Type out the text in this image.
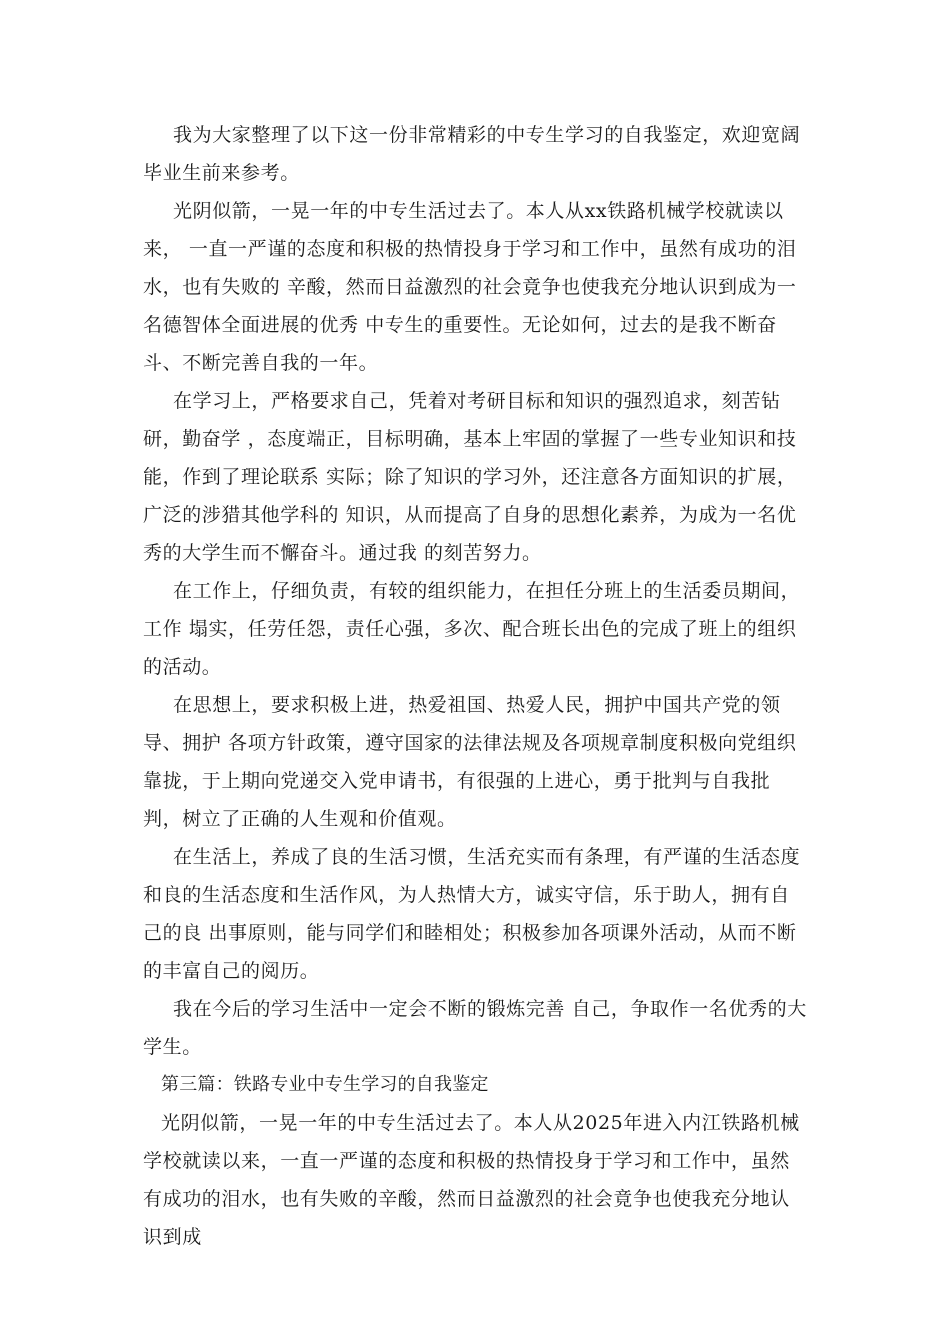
我为大家整理了以下这一份非常精彩的中专生学习的自我鉴定，欢迎宽阔毕业生前来参考。

光阴似箭，一晃一年的中专生活过去了。本人从xx铁路机械学校就读以来， 一直一严谨的态度和积极的热情投身于学习和工作中，虽然有成功的泪水，也有失败的 辛酸，然而日益激烈的社会竟争也使我充分地认识到成为一名德智体全面进展的优秀 中专生的重要性。无论如何，过去的是我不断奋斗、不断完善自我的一年。

在学习上，严格要求自己，凭着对考研目标和知识的强烈追求，刻苦钻研，勤奋学 ，态度端正，目标明确，基本上牢固的掌握了一些专业知识和技能，作到了理论联系 实际；除了知识的学习外，还注意各方面知识的扩展，广泛的涉猎其他学科的 知识，从而提高了自身的思想化素养，为成为一名优秀的大学生而不懈奋斗。通过我 的刻苦努力。

在工作上，仔细负责，有较的组织能力，在担任分班上的生活委员期间，工作 塌实，任劳任怨，责任心强，多次、配合班长出色的完成了班上的组织的活动。

在思想上，要求积极上进，热爱祖国、热爱人民，拥护中国共产党的领导、拥护 各项方针政策，遵守国家的法律法规及各项规章制度积极向党组织靠拢，于上期向党递交入党申请书，有很强的上进心，勇于批判与自我批判，树立了正确的人生观和价值观。

在生活上，养成了良的生活习惯，生活充实而有条理，有严谨的生活态度和良的生活态度和生活作风，为人热情大方，诚实守信，乐于助人，拥有自己的良 出事原则，能与同学们和睦相处；积极参加各项课外活动，从而不断的丰富自己的阅历。

我在今后的学习生活中一定会不断的锻炼完善 自己，争取作一名优秀的大学生。

第三篇：铁路专业中专生学习的自我鉴定

光阴似箭，一晃一年的中专生活过去了。本人从2025年进入内江铁路机械学校就读以来，一直一严谨的态度和积极的热情投身于学习和工作中，虽然有成功的泪水，也有失败的辛酸，然而日益激烈的社会竟争也使我充分地认识到成
